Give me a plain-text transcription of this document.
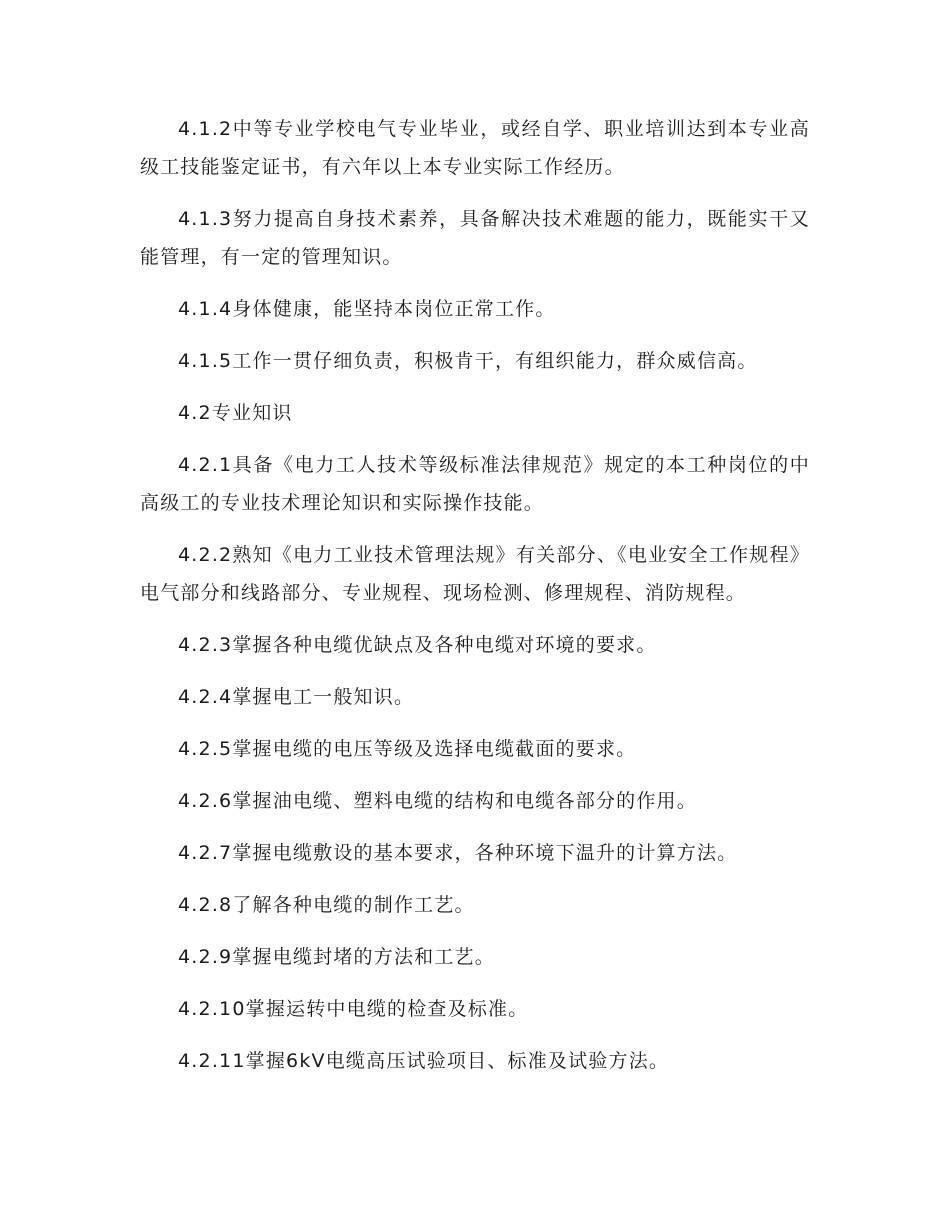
4.1.2中等专业学校电气专业毕业，或经自学、职业培训达到本专业高级工技能鉴定证书，有六年以上本专业实际工作经历。

4.1.3努力提高自身技术素养，具备解决技术难题的能力，既能实干又能管理，有一定的管理知识。

4.1.4身体健康，能坚持本岗位正常工作。

4.1.5工作一贯仔细负责，积极肯干，有组织能力，群众威信高。

4.2专业知识

4.2.1具备《电力工人技术等级标准法律规范》规定的本工种岗位的中高级工的专业技术理论知识和实际操作技能。

4.2.2熟知《电力工业技术管理法规》有关部分、《电业安全工作规程》电气部分和线路部分、专业规程、现场检测、修理规程、消防规程。

4.2.3掌握各种电缆优缺点及各种电缆对环境的要求。

4.2.4掌握电工一般知识。

4.2.5掌握电缆的电压等级及选择电缆截面的要求。

4.2.6掌握油电缆、塑料电缆的结构和电缆各部分的作用。

4.2.7掌握电缆敷设的基本要求，各种环境下温升的计算方法。

4.2.8了解各种电缆的制作工艺。

4.2.9掌握电缆封堵的方法和工艺。

4.2.10掌握运转中电缆的检查及标准。

4.2.11掌握6kV电缆高压试验项目、标准及试验方法。
